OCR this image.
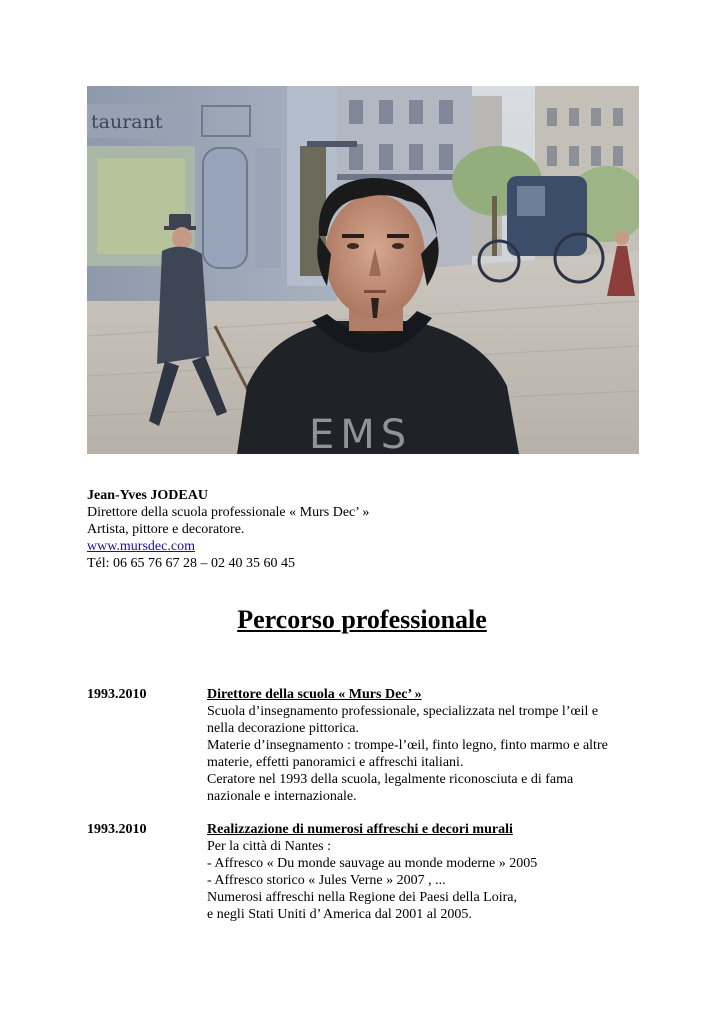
taurant
EMS
Jean-Yves JODEAU
Direttore della scuola professionale « Murs Dec’ »
Artista, pittore e decoratore.
www.mursdec.com
Tél: 06 65 76 67 28 – 02 40 35 60 45
Percorso professionale
1993.2010	Direttore della scuola « Murs Dec’ »
Scuola d’insegnamento professionale, specializzata nel trompe l’œil e
nella decorazione pittorica.
Materie d’insegnamento : trompe-l’œil, finto legno, finto marmo e altre
materie, effetti panoramici e affreschi italiani.
Ceratore nel 1993 della scuola, legalmente riconosciuta e di fama
nazionale e internazionale.
1993.2010	Realizzazione di numerosi affreschi e decori murali
Per la città di Nantes :
- Affresco « Du monde sauvage au monde moderne » 2005
- Affresco storico « Jules Verne » 2007 , ...
Numerosi affreschi nella Regione dei Paesi della Loira,
e negli Stati Uniti d’ America dal 2001 al 2005.
